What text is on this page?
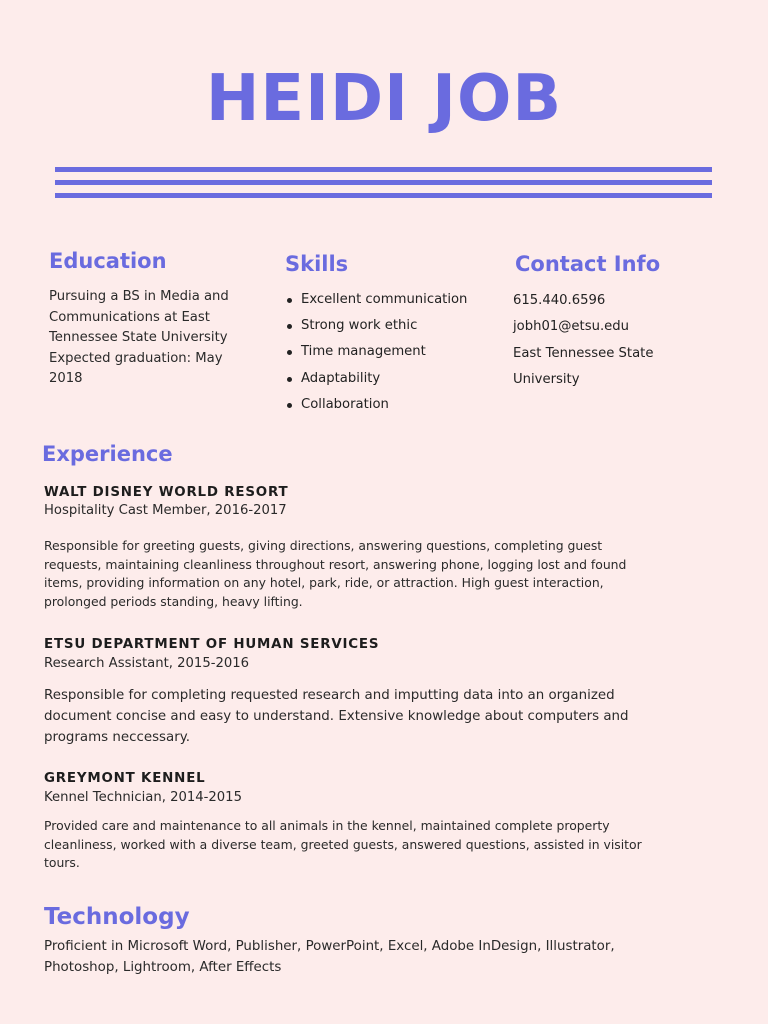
HEIDI JOB
Education
Pursuing a BS in Media and
Communications at East
Tennessee State University
Expected graduation: May
2018
Skills
Excellent communication
Strong work ethic
Time management
Adaptability
Collaboration
Contact Info
615.440.6596
jobh01@etsu.edu
East Tennessee State
University
Experience
WALT DISNEY WORLD RESORT
Hospitality Cast Member, 2016-2017
Responsible for greeting guests, giving directions, answering questions, completing guest
requests, maintaining cleanliness throughout resort, answering phone, logging lost and found
items, providing information on any hotel, park, ride, or attraction. High guest interaction,
prolonged periods standing, heavy lifting.
ETSU DEPARTMENT OF HUMAN SERVICES
Research Assistant, 2015-2016
Responsible for completing requested research and imputting data into an organized
document concise and easy to understand. Extensive knowledge about computers and
programs neccessary.
GREYMONT KENNEL
Kennel Technician, 2014-2015
Provided care and maintenance to all animals in the kennel, maintained complete property
cleanliness, worked with a diverse team, greeted guests, answered questions, assisted in visitor
tours.
Technology
Proficient in Microsoft Word, Publisher, PowerPoint, Excel, Adobe InDesign, Illustrator,
Photoshop, Lightroom, After Effects
